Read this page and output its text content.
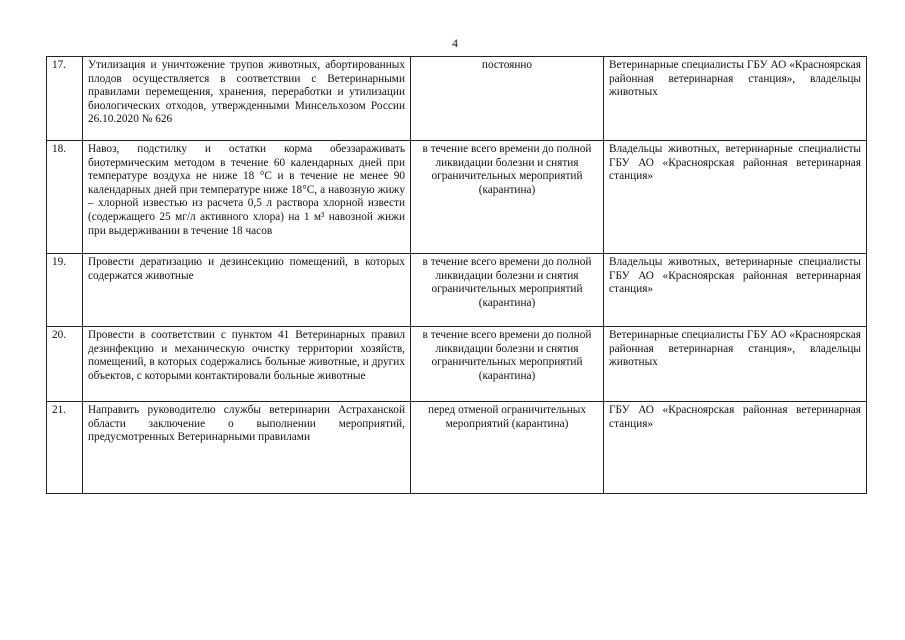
4
17.	Утилизация и уничтожение трупов животных, абортированных плодов осуществляется в соответствии с Ветеринарными правилами перемещения, хранения, переработки и утилизации биологических отходов, утвержденными Минсельхозом России 26.10.2020 № 626	постоянно	Ветеринарные специалисты ГБУ АО «Красноярская районная ветеринарная станция», владельцы животных
18.	Навоз, подстилку и остатки корма обеззараживать биотермическим методом в течение 60 календарных дней при температуре воздуха не ниже 18 °С и в течение не менее 90 календарных дней при температуре ниже 18°С, а навозную жижу – хлорной известью из расчета 0,5 л раствора хлорной извести (содержащего 25 мг/л активного хлора) на 1 м³ навозной жижи при выдерживании в течение 18 часов	в течение всего времени до полной ликвидации болезни и снятия ограничительных мероприятий (карантина)	Владельцы животных, ветеринарные специалисты ГБУ АО «Красноярская районная ветеринарная станция»
19.	Провести дератизацию и дезинсекцию помещений, в которых содержатся животные	в течение всего времени до полной ликвидации болезни и снятия ограничительных мероприятий (карантина)	Владельцы животных, ветеринарные специалисты ГБУ АО «Красноярская районная ветеринарная станция»
20.	Провести в соответствии с пунктом 41 Ветеринарных правил дезинфекцию и механическую очистку территории хозяйств, помещений, в которых содержались больные животные, и других объектов, с которыми контактировали больные животные	в течение всего времени до полной ликвидации болезни и снятия ограничительных мероприятий (карантина)	Ветеринарные специалисты ГБУ АО «Красноярская районная ветеринарная станция», владельцы животных
21.	Направить руководителю службы ветеринарии Астраханской области заключение о выполнении мероприятий, предусмотренных Ветеринарными правилами	перед отменой ограничительных мероприятий (карантина)	ГБУ АО «Красноярская районная ветеринарная станция»
